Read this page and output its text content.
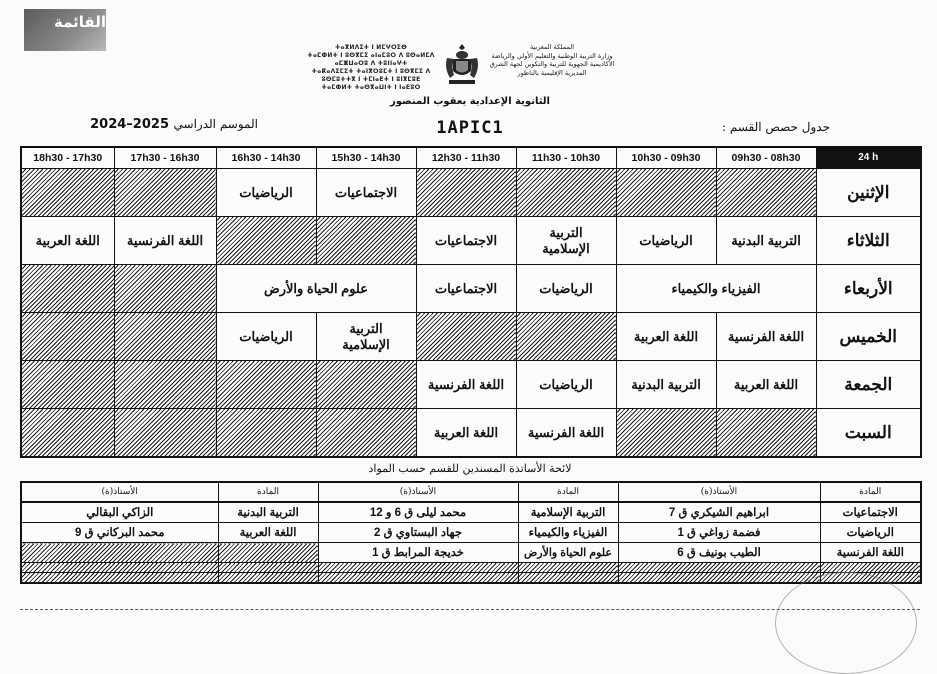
القائمة
ⵜⴰⴳⵍⴷⵉⵜ ⵏ ⵍⵎⵖⵔⵉⴱ
ⵜⴰⵎⵀⵍⵜ ⵏ ⵓⵙⴳⵎⵉ ⴰⵏⴰⵎⵓⵔ ⴷ ⵓⵙⴰⵍⵎⴷ ⴰⵎⵥⵡⴰⵔⵓ ⴷ ⵜⵓⵏⵏⴰⵖⵜ
ⵜⴰⴽⴰⴷⵉⵎⵉⵜ ⵜⴰⵏⴳⵔⵓⵎⵜ ⵏ ⵓⵙⴳⵎⵉ ⴷ ⵓⵙⵎⵓⵜⵜⴳ ⵏ ⵜⵎⵏⴰⴹⵜ ⵏ ⵓⵏⴳⵎⵓⴹ
ⵜⴰⵎⵀⵍⵜ ⵜⴰⵙⴳⴰⵡⵏⵜ ⵏ ⵏⴰⴹⵓⵔ
المملكة المغربية
وزارة التربية الوطنية والتعليم الأولي والرياضة
الأكاديمية الجهوية للتربية والتكوين لجهة الشرق
المديرية الإقليمية بالناظور
الثانوية الإعدادية يعقوب المنصور
1APIC1
الموسم الدراسي 2024–2025	جدول حصص القسم :
18h30 - 17h30	17h30 - 16h30	16h30 - 14h30	15h30 - 14h30	12h30 - 11h30	11h30 - 10h30	10h30 - 09h30	09h30 - 08h30	24 h
		الرياضيات	الاجتماعيات					الإثنين
اللغة العربية	اللغة الفرنسية			الاجتماعيات	التربية الإسلامية	الرياضيات	التربية البدنية	الثلاثاء
		علوم الحياة والأرض		الاجتماعيات	الرياضيات	الفيزياء والكيمياء		الأربعاء
		الرياضيات	التربية الإسلامية			اللغة العربية	اللغة الفرنسية	الخميس
				اللغة الفرنسية	الرياضيات	التربية البدنية	اللغة العربية	الجمعة
				اللغة العربية	اللغة الفرنسية			السبت
لائحة الأساتذة المسندين للقسم حسب المواد
الأستاذ(ة)	المادة	الأستاذ(ة)	المادة	الأستاذ(ة)	المادة
الزاكي البقالي	التربية البدنية	محمد ليلى ق 6 و 12	التربية الإسلامية	ابراهيم الشيكري ق 7	الاجتماعيات
محمد البركاني ق 9	اللغة العربية	جهاد البستاوي ق 2	الفيزياء والكيمياء	فضمة زواغي ق 1	الرياضيات
		خديجة المرابط ق 1	علوم الحياة والأرض	الطيب بونيف ق 6	اللغة الفرنسية
